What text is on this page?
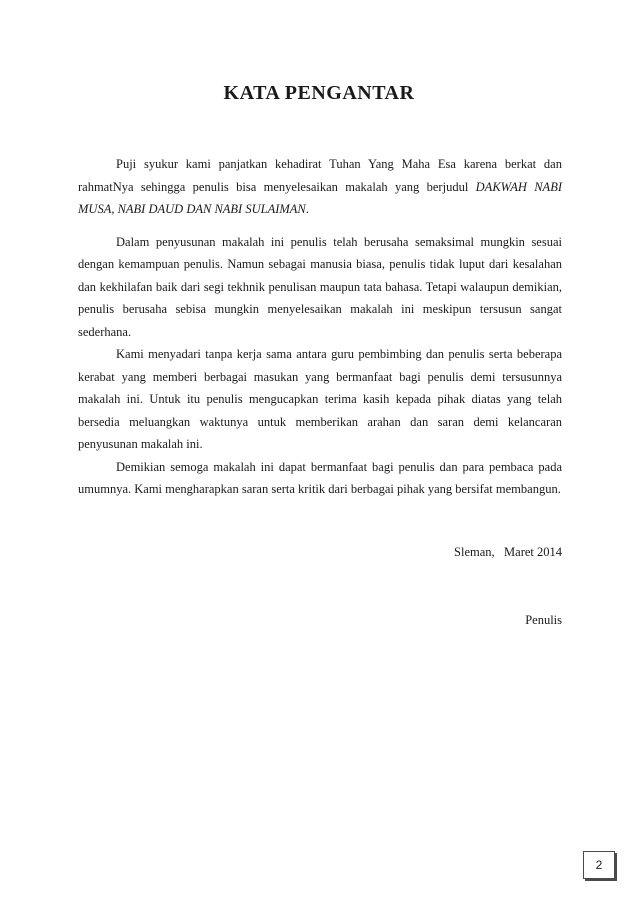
KATA PENGANTAR

Puji syukur kami panjatkan kehadirat Tuhan Yang Maha Esa karena berkat dan rahmatNya sehingga penulis bisa menyelesaikan makalah yang berjudul DAKWAH NABI MUSA, NABI DAUD DAN NABI SULAIMAN.

Dalam penyusunan makalah ini penulis telah berusaha semaksimal mungkin sesuai dengan kemampuan penulis. Namun sebagai manusia biasa, penulis tidak luput dari kesalahan dan kekhilafan baik dari segi tekhnik penulisan maupun tata bahasa. Tetapi walaupun demikian, penulis berusaha sebisa mungkin menyelesaikan makalah ini meskipun tersusun sangat sederhana.

Kami menyadari tanpa kerja sama antara guru pembimbing dan penulis serta beberapa kerabat yang memberi berbagai masukan yang bermanfaat bagi penulis demi tersusunnya makalah ini. Untuk itu penulis mengucapkan terima kasih kepada pihak diatas yang telah bersedia meluangkan waktunya untuk memberikan arahan dan saran demi kelancaran penyusunan makalah ini.

Demikian semoga makalah ini dapat bermanfaat bagi penulis dan para pembaca pada umumnya. Kami mengharapkan saran serta kritik dari berbagai pihak yang bersifat membangun.

Sleman,   Maret 2014
Penulis
2
